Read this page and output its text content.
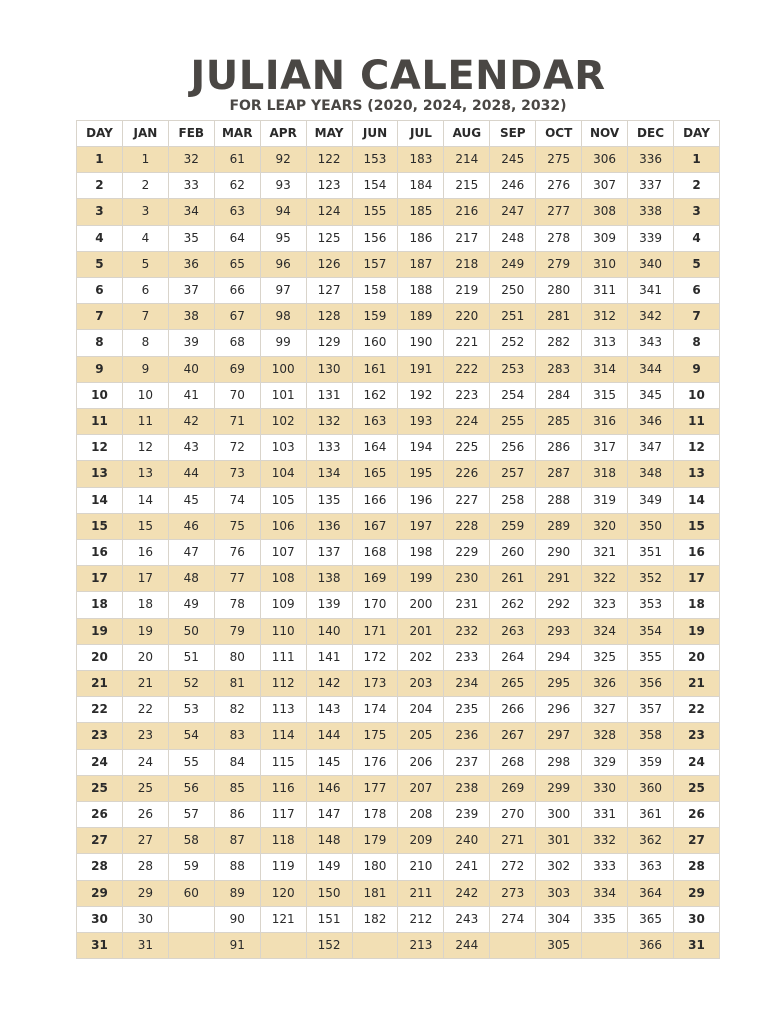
JULIAN CALENDAR
FOR LEAP YEARS (2020, 2024, 2028, 2032)
DAY	JAN	FEB	MAR	APR	MAY	JUN	JUL	AUG	SEP	OCT	NOV	DEC	DAY
1	1	32	61	92	122	153	183	214	245	275	306	336	1
2	2	33	62	93	123	154	184	215	246	276	307	337	2
3	3	34	63	94	124	155	185	216	247	277	308	338	3
4	4	35	64	95	125	156	186	217	248	278	309	339	4
5	5	36	65	96	126	157	187	218	249	279	310	340	5
6	6	37	66	97	127	158	188	219	250	280	311	341	6
7	7	38	67	98	128	159	189	220	251	281	312	342	7
8	8	39	68	99	129	160	190	221	252	282	313	343	8
9	9	40	69	100	130	161	191	222	253	283	314	344	9
10	10	41	70	101	131	162	192	223	254	284	315	345	10
11	11	42	71	102	132	163	193	224	255	285	316	346	11
12	12	43	72	103	133	164	194	225	256	286	317	347	12
13	13	44	73	104	134	165	195	226	257	287	318	348	13
14	14	45	74	105	135	166	196	227	258	288	319	349	14
15	15	46	75	106	136	167	197	228	259	289	320	350	15
16	16	47	76	107	137	168	198	229	260	290	321	351	16
17	17	48	77	108	138	169	199	230	261	291	322	352	17
18	18	49	78	109	139	170	200	231	262	292	323	353	18
19	19	50	79	110	140	171	201	232	263	293	324	354	19
20	20	51	80	111	141	172	202	233	264	294	325	355	20
21	21	52	81	112	142	173	203	234	265	295	326	356	21
22	22	53	82	113	143	174	204	235	266	296	327	357	22
23	23	54	83	114	144	175	205	236	267	297	328	358	23
24	24	55	84	115	145	176	206	237	268	298	329	359	24
25	25	56	85	116	146	177	207	238	269	299	330	360	25
26	26	57	86	117	147	178	208	239	270	300	331	361	26
27	27	58	87	118	148	179	209	240	271	301	332	362	27
28	28	59	88	119	149	180	210	241	272	302	333	363	28
29	29	60	89	120	150	181	211	242	273	303	334	364	29
30	30		90	121	151	182	212	243	274	304	335	365	30
31	31		91		152		213	244		305		366	31
